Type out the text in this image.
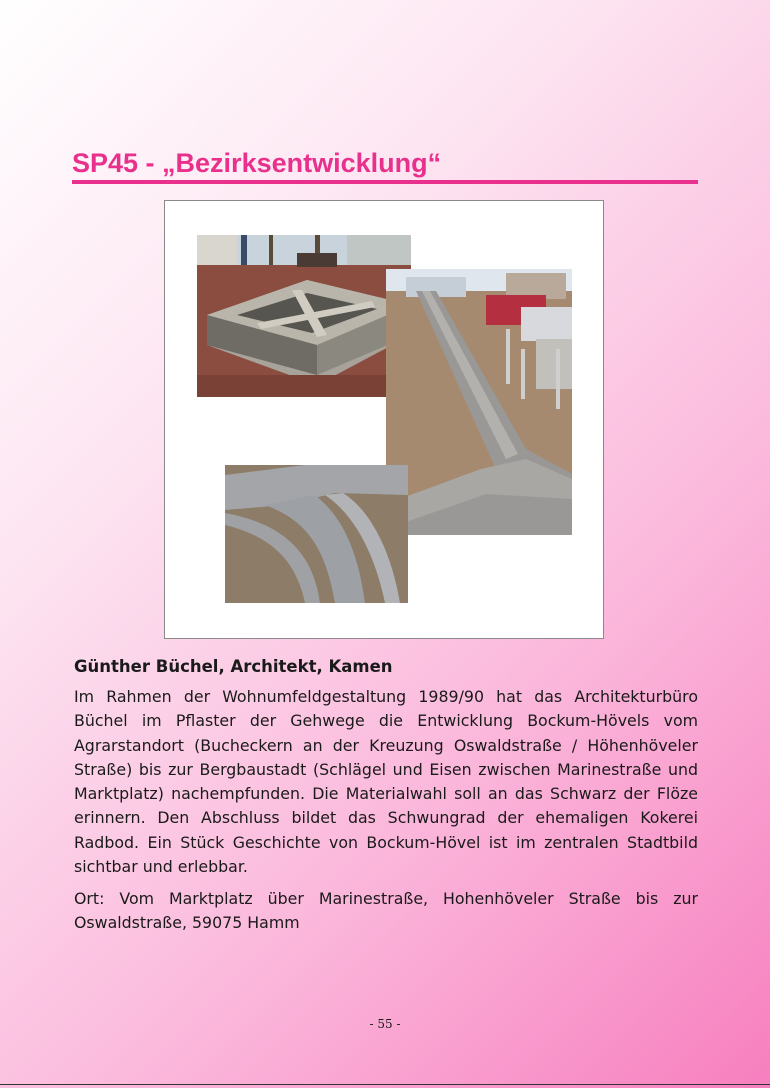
SP45 - „Bezirksentwicklung“

Günther Büchel, Architekt, Kamen

Im Rahmen der Wohnumfeldgestaltung 1989/90 hat das Architekturbüro Büchel im Pflaster der Gehwege die Entwicklung Bockum-Hövels vom Agrarstandort (Bucheckern an der Kreuzung Oswaldstraße / Höhenhöveler Straße) bis zur Bergbaustadt (Schlägel und Eisen zwischen Marinestraße und Marktplatz) nachempfunden. Die Materialwahl soll an das Schwarz der Flöze erinnern. Den Abschluss bildet das Schwungrad der ehemaligen Kokerei Radbod. Ein Stück Geschichte von Bockum-Hövel ist im zentralen Stadtbild sichtbar und erlebbar.

Ort: Vom Marktplatz über Marinestraße, Hohenhöveler Straße bis zur Oswaldstraße, 59075 Hamm

- 55 -
